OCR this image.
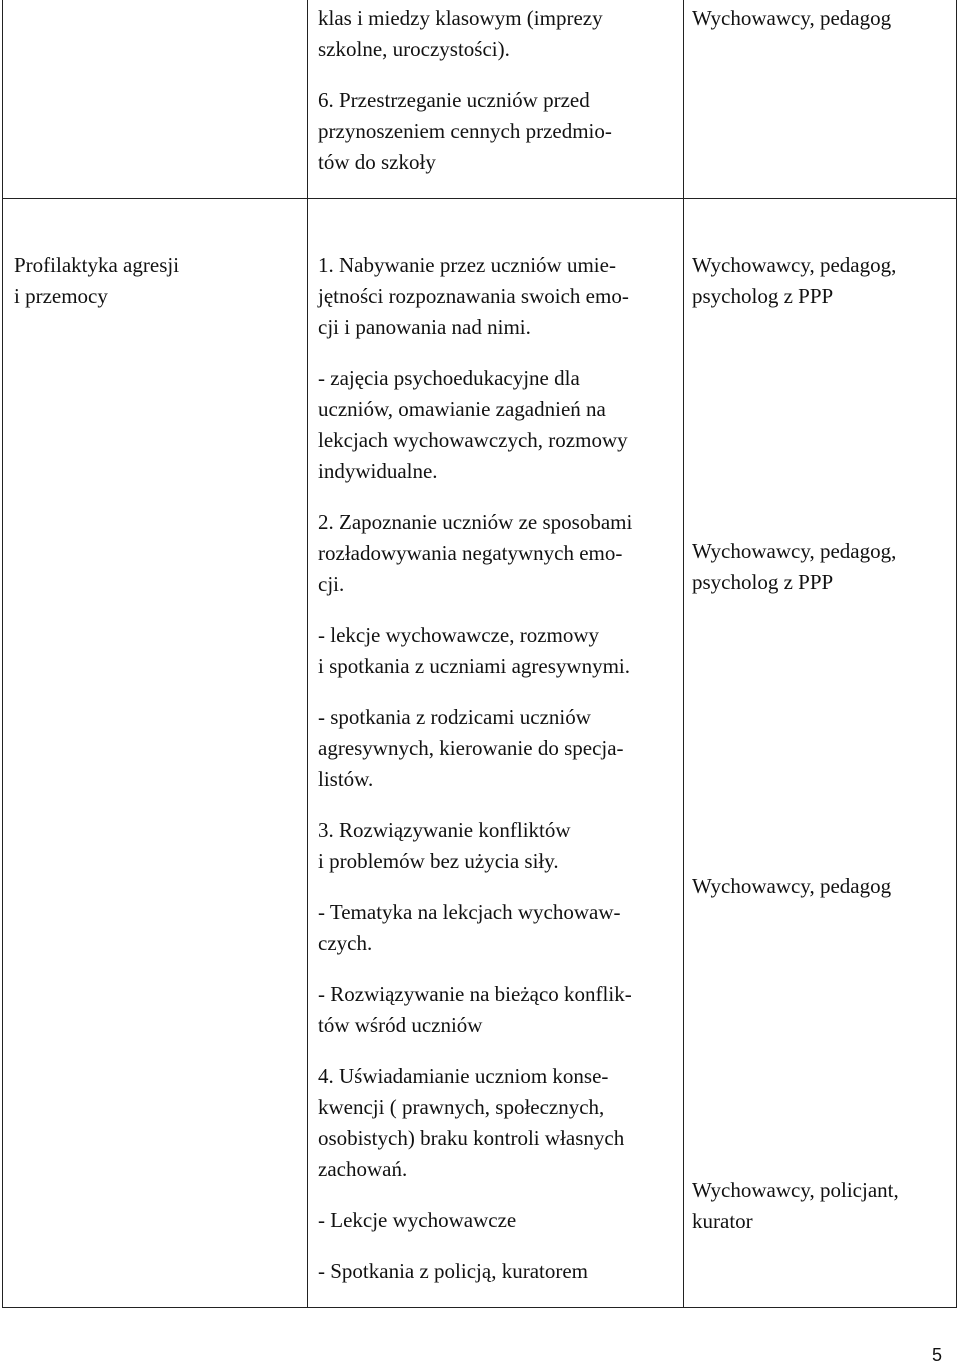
klas i miedzy klasowym (imprezy
szkolne, uroczystości).
6. Przestrzeganie uczniów przed
przynoszeniem cennych przedmio-
tów do szkoły
Wychowawcy, pedagog
Profilaktyka agresji
i przemocy
1. Nabywanie przez uczniów umie-
jętności rozpoznawania swoich emo-
cji i panowania nad nimi.
- zajęcia psychoedukacyjne dla
uczniów, omawianie zagadnień na
lekcjach wychowawczych, rozmowy
indywidualne.
2. Zapoznanie uczniów ze sposobami
rozładowywania negatywnych emo-
cji.
- lekcje wychowawcze, rozmowy
i spotkania z uczniami agresywnymi.
- spotkania z rodzicami uczniów
agresywnych, kierowanie do specja-
listów.
3. Rozwiązywanie konfliktów
i problemów bez użycia siły.
- Tematyka na lekcjach wychowaw-
czych.
- Rozwiązywanie na bieżąco konflik-
tów wśród uczniów
4. Uświadamianie uczniom konse-
kwencji ( prawnych, społecznych,
osobistych) braku kontroli własnych
zachowań.
- Lekcje wychowawcze
- Spotkania z policją, kuratorem
Wychowawcy, pedagog,
psycholog z PPP
Wychowawcy, pedagog,
psycholog z PPP
Wychowawcy, pedagog
Wychowawcy, policjant,
kurator
5
